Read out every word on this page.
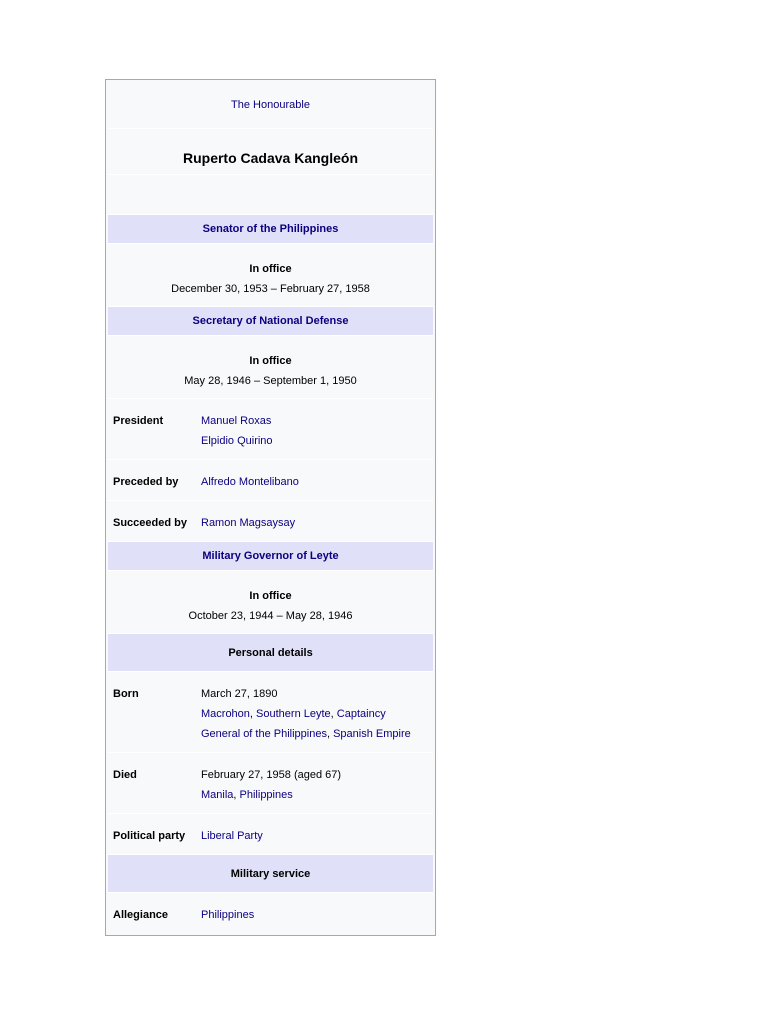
The Honourable
Ruperto Cadava Kangleón
Senator of the Philippines
In office
December 30, 1953 – February 27, 1958
Secretary of National Defense
In office
May 28, 1946 – September 1, 1950
President	Manuel Roxas
Elpidio Quirino
Preceded by	Alfredo Montelibano
Succeeded by	Ramon Magsaysay
Military Governor of Leyte
In office
October 23, 1944 – May 28, 1946
Personal details
Born	March 27, 1890
Macrohon, Southern Leyte, Captaincy
General of the Philippines, Spanish Empire
Died	February 27, 1958 (aged 67)
Manila, Philippines
Political party	Liberal Party
Military service
Allegiance	Philippines
